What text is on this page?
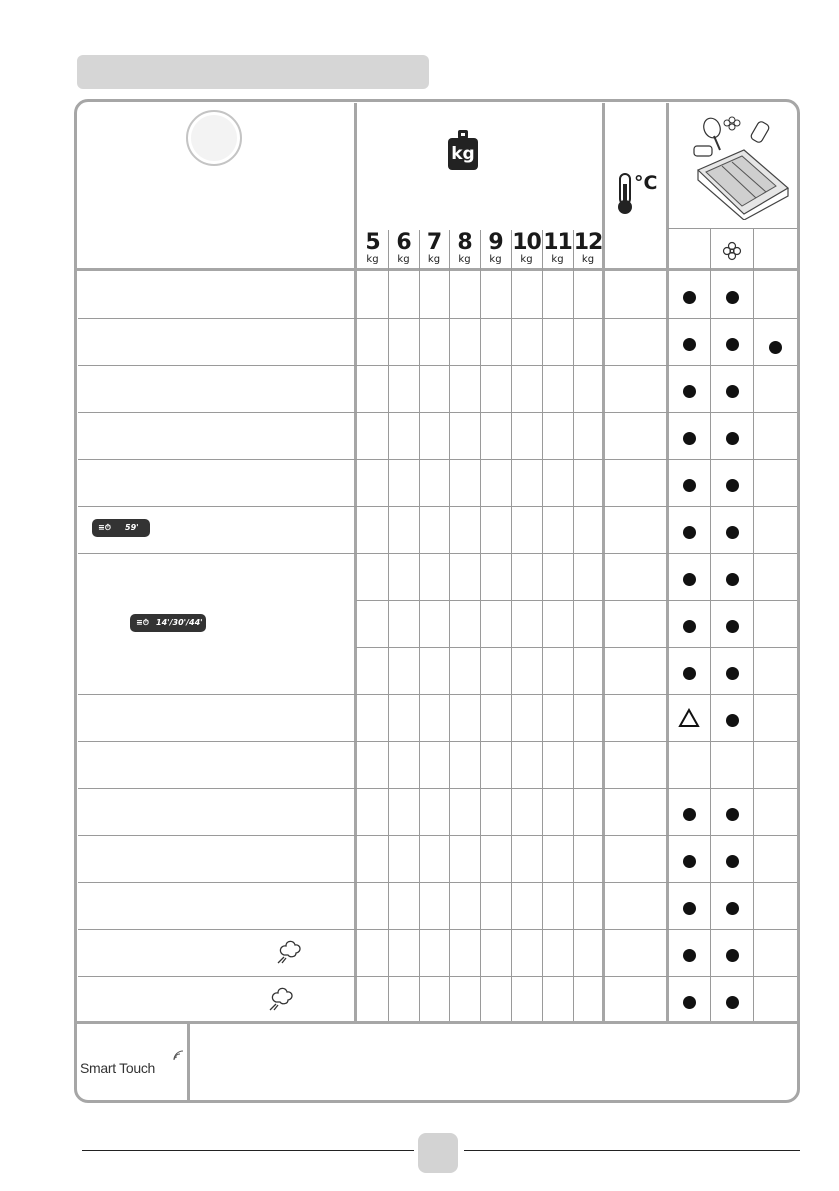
kg
5
kg
6
kg
7
kg
8
kg
9
kg
10
kg
11
kg
12
kg
°C
≡⏱ 59'
≡⏱ 14'/30'/44'
Smart Touch
